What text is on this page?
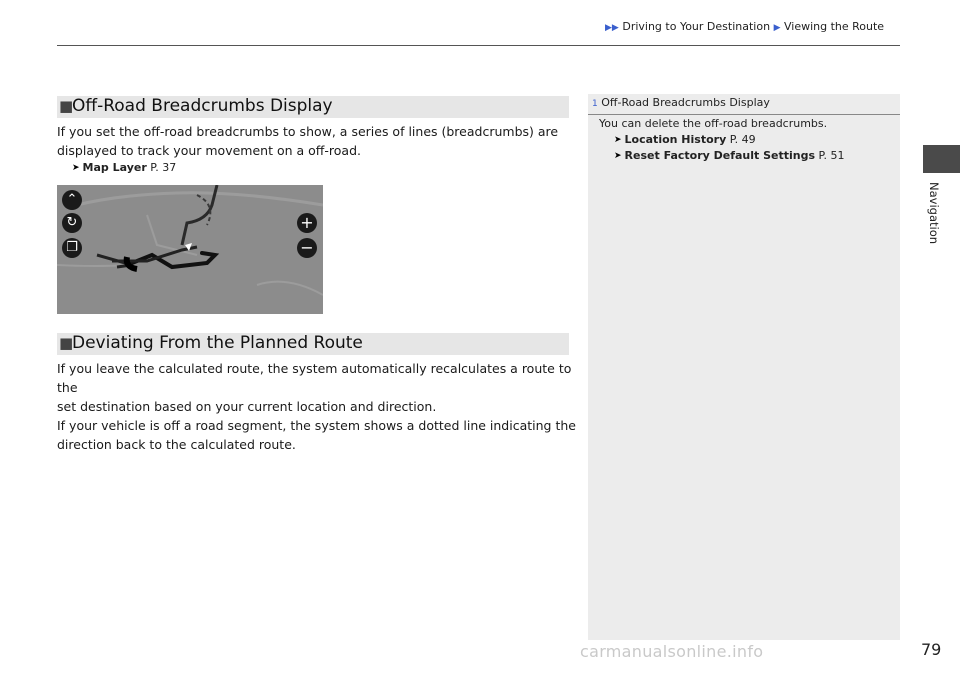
▶▶ Driving to Your Destination ▶ Viewing the Route
■
Off-Road Breadcrumbs Display
If you set the off-road breadcrumbs to show, a series of lines (breadcrumbs) are
displayed to track your movement on a off-road.
➤ Map Layer P. 37
⌃
↻
❐
+
−
■
Deviating From the Planned Route
If you leave the calculated route, the system automatically recalculates a route to the
set destination based on your current location and direction.
If your vehicle is off a road segment, the system shows a dotted line indicating the
direction back to the calculated route.
1 Off-Road Breadcrumbs Display
You can delete the off-road breadcrumbs.
➤ Location History P. 49
➤ Reset Factory Default Settings P. 51
Navigation
carmanualsonline.info	79
